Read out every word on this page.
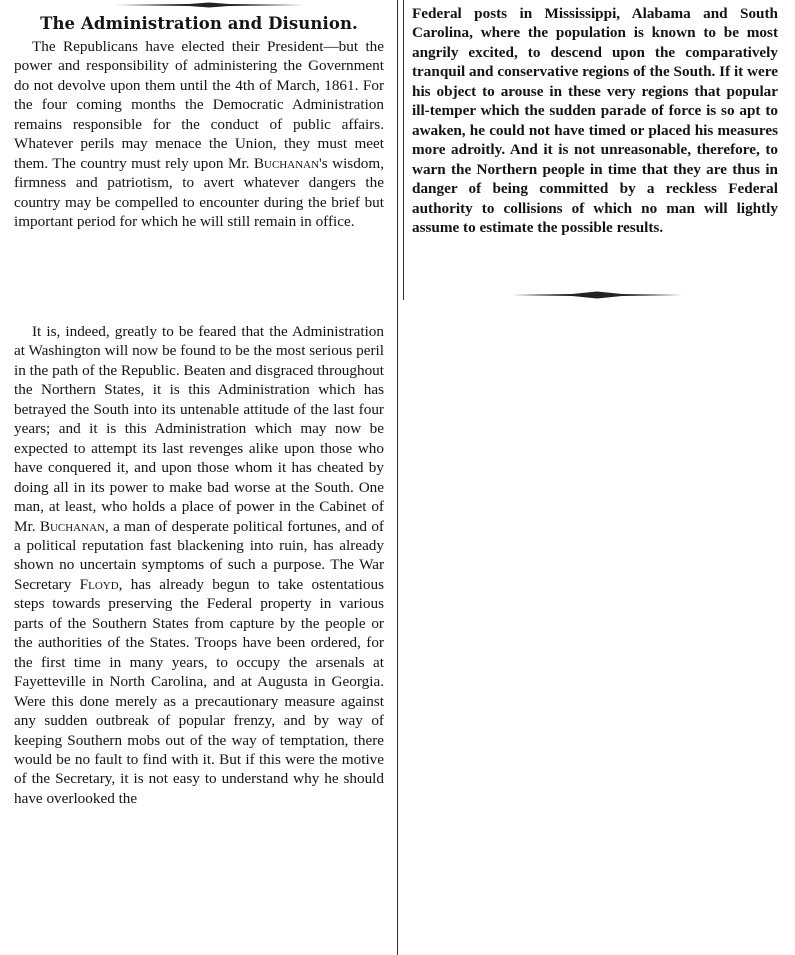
The Administration and Disunion.

The Republicans have elected their President—but the power and responsibility of administering the Government do not devolve upon them until the 4th of March, 1861. For the four coming months the Democratic Administration remains responsible for the conduct of public affairs. Whatever perils may menace the Union, they must meet them. The country must rely upon Mr. Buchanan's wisdom, firmness and patriotism, to avert whatever dangers the country may be compelled to encounter during the brief but important period for which he will still remain in office.

It is, indeed, greatly to be feared that the Administration at Washington will now be found to be the most serious peril in the path of the Republic. Beaten and disgraced throughout the Northern States, it is this Administration which has betrayed the South into its untenable attitude of the last four years; and it is this Administration which may now be expected to attempt its last revenges alike upon those who have conquered it, and upon those whom it has cheated by doing all in its power to make bad worse at the South. One man, at least, who holds a place of power in the Cabinet of Mr. Buchanan, a man of desperate political fortunes, and of a political reputation fast blackening into ruin, has already shown no uncertain symptoms of such a purpose. The War Secretary Floyd, has already begun to take ostentatious steps towards preserving the Federal property in various parts of the Southern States from capture by the people or the authorities of the States. Troops have been ordered, for the first time in many years, to occupy the arsenals at Fayetteville in North Carolina, and at Augusta in Georgia. Were this done merely as a precautionary measure against any sudden outbreak of popular frenzy, and by way of keeping Southern mobs out of the way of temptation, there would be no fault to find with it. But if this were the motive of the Secretary, it is not easy to understand why he should have overlooked the

Federal posts in Mississippi, Alabama and South Carolina, where the population is known to be most angrily excited, to descend upon the comparatively tranquil and conservative regions of the South. If it were his object to arouse in these very regions that popular ill-temper which the sudden parade of force is so apt to awaken, he could not have timed or placed his measures more adroitly. And it is not unreasonable, therefore, to warn the Northern people in time that they are thus in danger of being committed by a reckless Federal authority to collisions of which no man will lightly assume to estimate the possible results.
